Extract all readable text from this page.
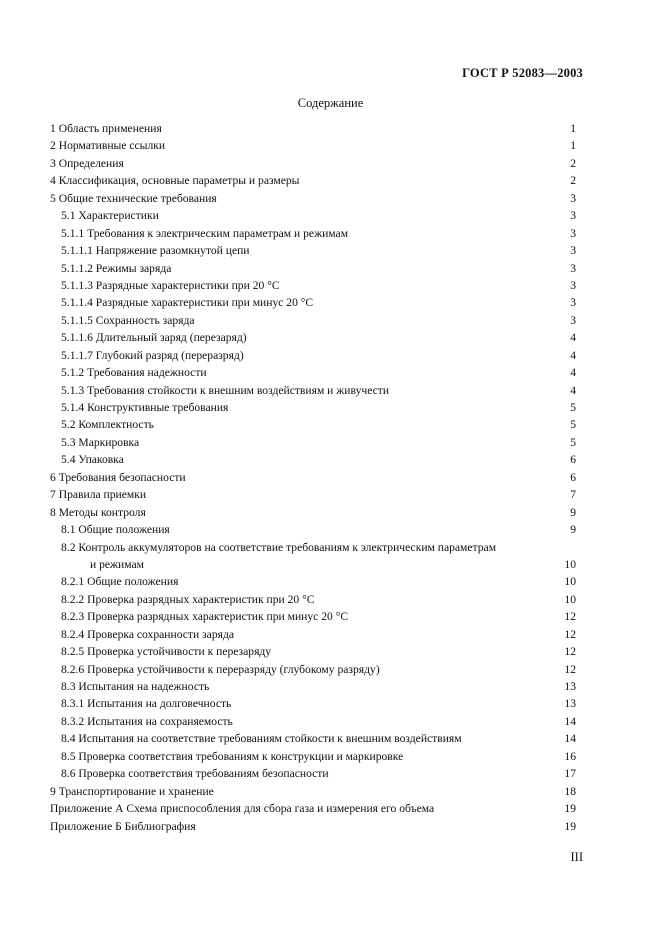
ГОСТ Р 52083—2003
Содержание
1 Область применения	1
2 Нормативные ссылки	1
3 Определения	2
4 Классификация, основные параметры и размеры	2
5 Общие технические требования	3
5.1 Характеристики	3
5.1.1 Требования к электрическим параметрам и режимам	3
5.1.1.1 Напряжение разомкнутой цепи	3
5.1.1.2 Режимы заряда	3
5.1.1.3 Разрядные характеристики при 20 °С	3
5.1.1.4 Разрядные характеристики при минус 20 °С	3
5.1.1.5 Сохранность заряда	3
5.1.1.6 Длительный заряд (перезаряд)	4
5.1.1.7 Глубокий разряд (переразряд)	4
5.1.2 Требования надежности	4
5.1.3 Требования стойкости к внешним воздействиям и живучести	4
5.1.4 Конструктивные требования	5
5.2 Комплектность	5
5.3 Маркировка	5
5.4 Упаковка	6
6 Требования безопасности	6
7 Правила приемки	7
8 Методы контроля	9
8.1 Общие положения	9
8.2 Контроль аккумуляторов на соответствие требованиям к электрическим параметрам
и режимам	10
8.2.1 Общие положения	10
8.2.2 Проверка разрядных характеристик при 20 °С	10
8.2.3 Проверка разрядных характеристик при минус 20 °С	12
8.2.4 Проверка сохранности заряда	12
8.2.5 Проверка устойчивости к перезаряду	12
8.2.6 Проверка устойчивости к переразряду (глубокому разряду)	12
8.3 Испытания на надежность	13
8.3.1 Испытания на долговечность	13
8.3.2 Испытания на сохраняемость	14
8.4 Испытания на соответствие требованиям стойкости к внешним воздействиям	14
8.5 Проверка соответствия требованиям к конструкции и маркировке	16
8.6 Проверка соответствия требованиям безопасности	17
9 Транспортирование и хранение	18
Приложение А Схема приспособления для сбора газа и измерения его объема	19
Приложение Б Библиография	19
III
